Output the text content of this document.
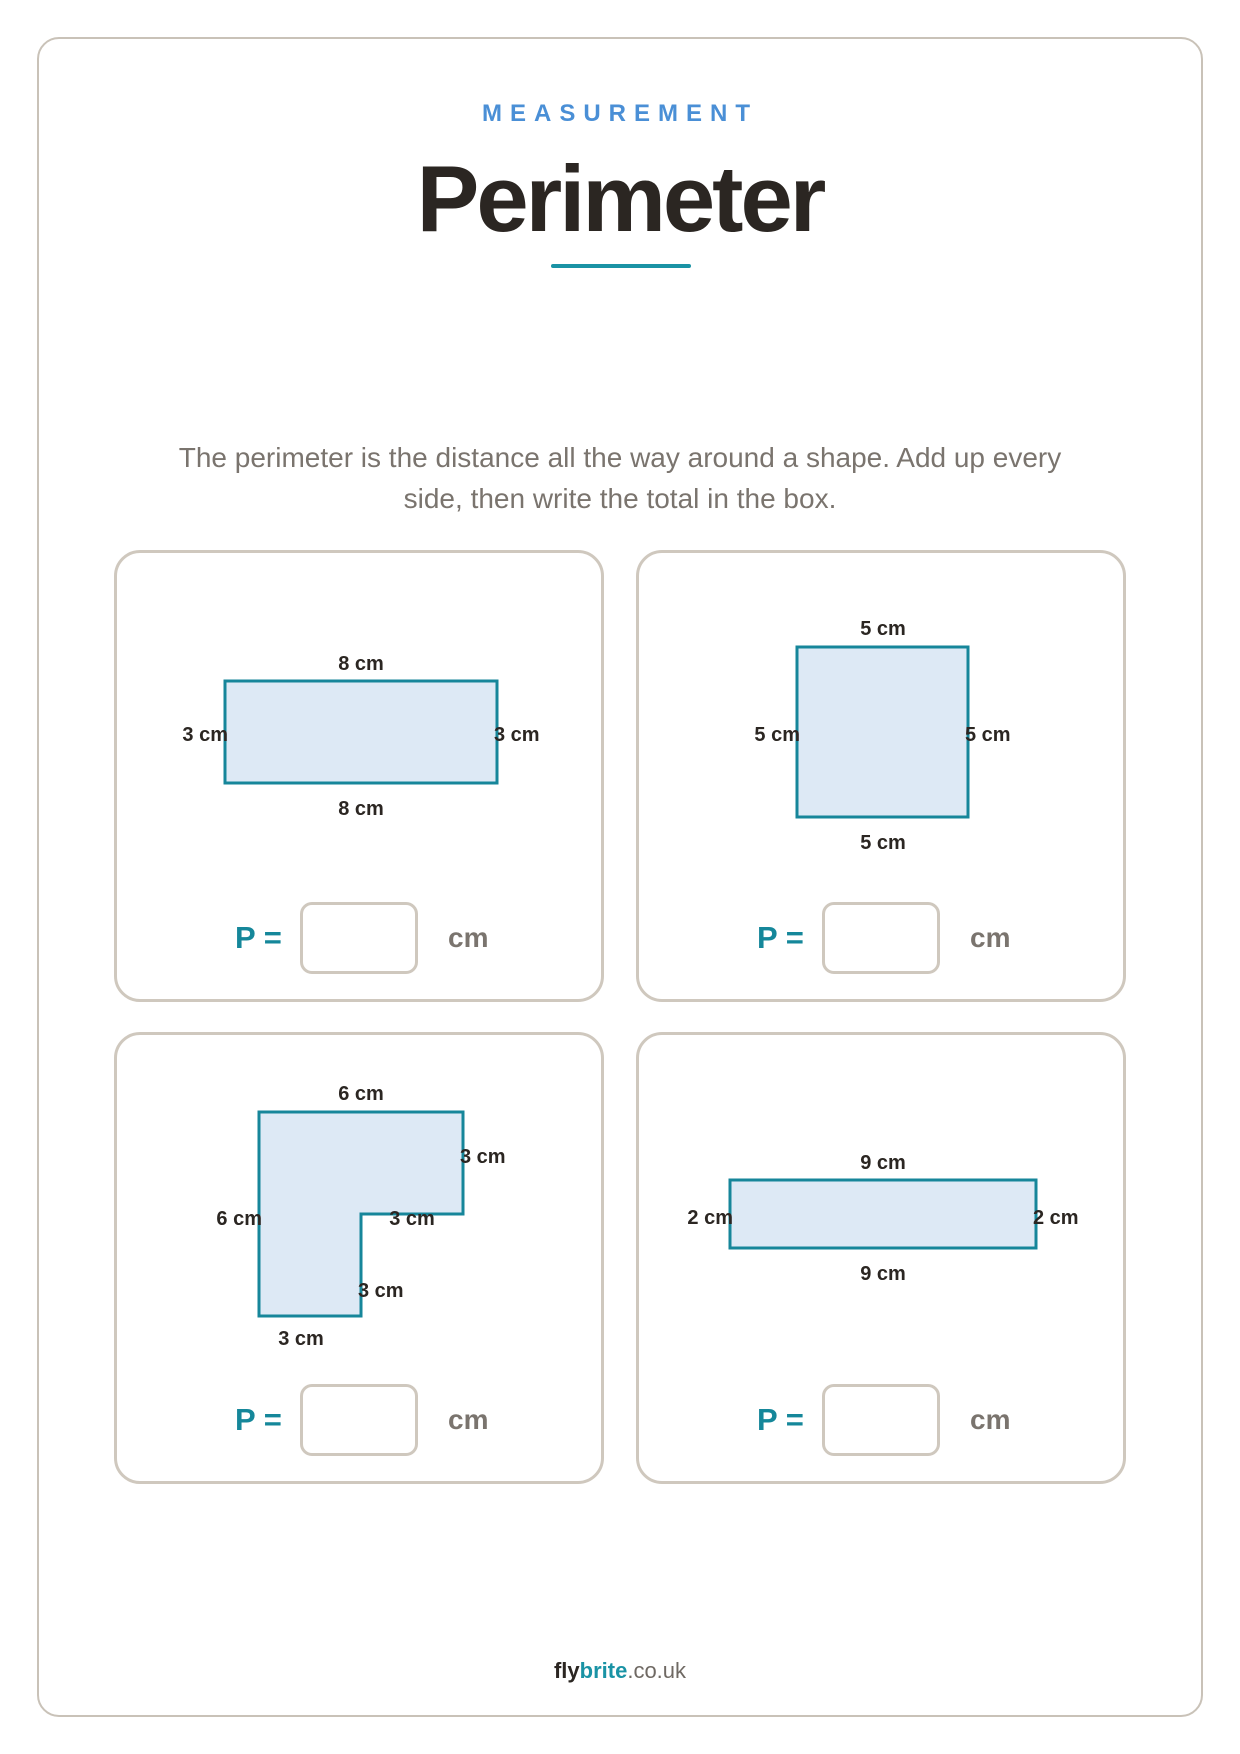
MEASUREMENT
Perimeter
The perimeter is the distance all the way around a shape. Add up every side, then write the total in the box.
8 cm
8 cm
3 cm	3 cm
P =	cm
5 cm
5 cm
5 cm	5 cm
P =	cm
6 cm
3 cm
3 cm
3 cm
3 cm
6 cm
P =	cm
9 cm
9 cm
2 cm	2 cm
P =	cm
flybrite.co.uk
